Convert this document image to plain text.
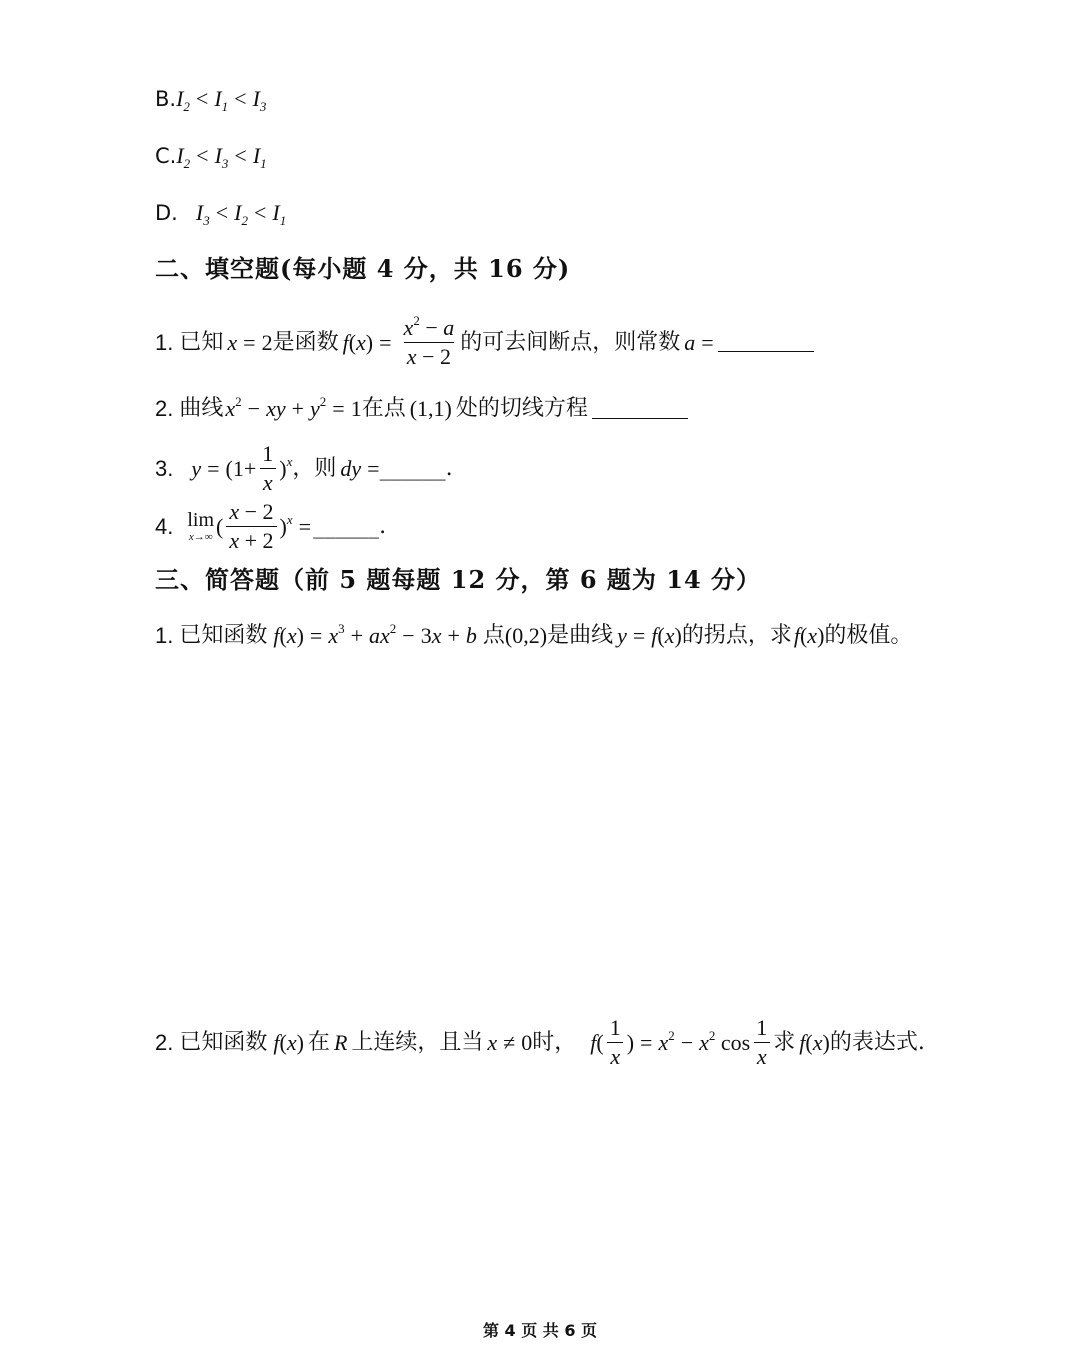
B. $I_2 < I_1 < I_3$
C. $I_2 < I_3 < I_1$
D. $I_3 < I_2 < I_1$
二、填空题(每小题 4 分，共 16 分)
1. 已知 x = 2 是函数 f ( x ) = $\frac{x^2 - a}{x - 2}$ 的可去间断点，则常数 a =
2. 曲线 $x^2$ − xy + $y^2 = 1$ 在点 (1,1) 处的切线方程
3. $y = (1+ \frac{1}{x} )^x$ ，则 dy = ______ .
4. lim
x→∞ ( $\frac{x - 2}{x + 2} )^x$ = ______ .
三、简答题（前 5 题每题 12 分，第 6 题为 14 分）
1. 已知函数 $f(x) = x^3 + ax^2 - 3x + b$ 点 (0,2) 是曲线 y = f(x) 的拐点，求 f(x) 的极值。
2. 已知函数 f(x) 在 R 上连续，且当 x ≠ 0 时， f ( $\frac{1}{x}$ ) = $x^2 - x^2$ $\cos \frac{1}{x}$ 求 f(x) 的表达式.
第 4 页 共 6 页
